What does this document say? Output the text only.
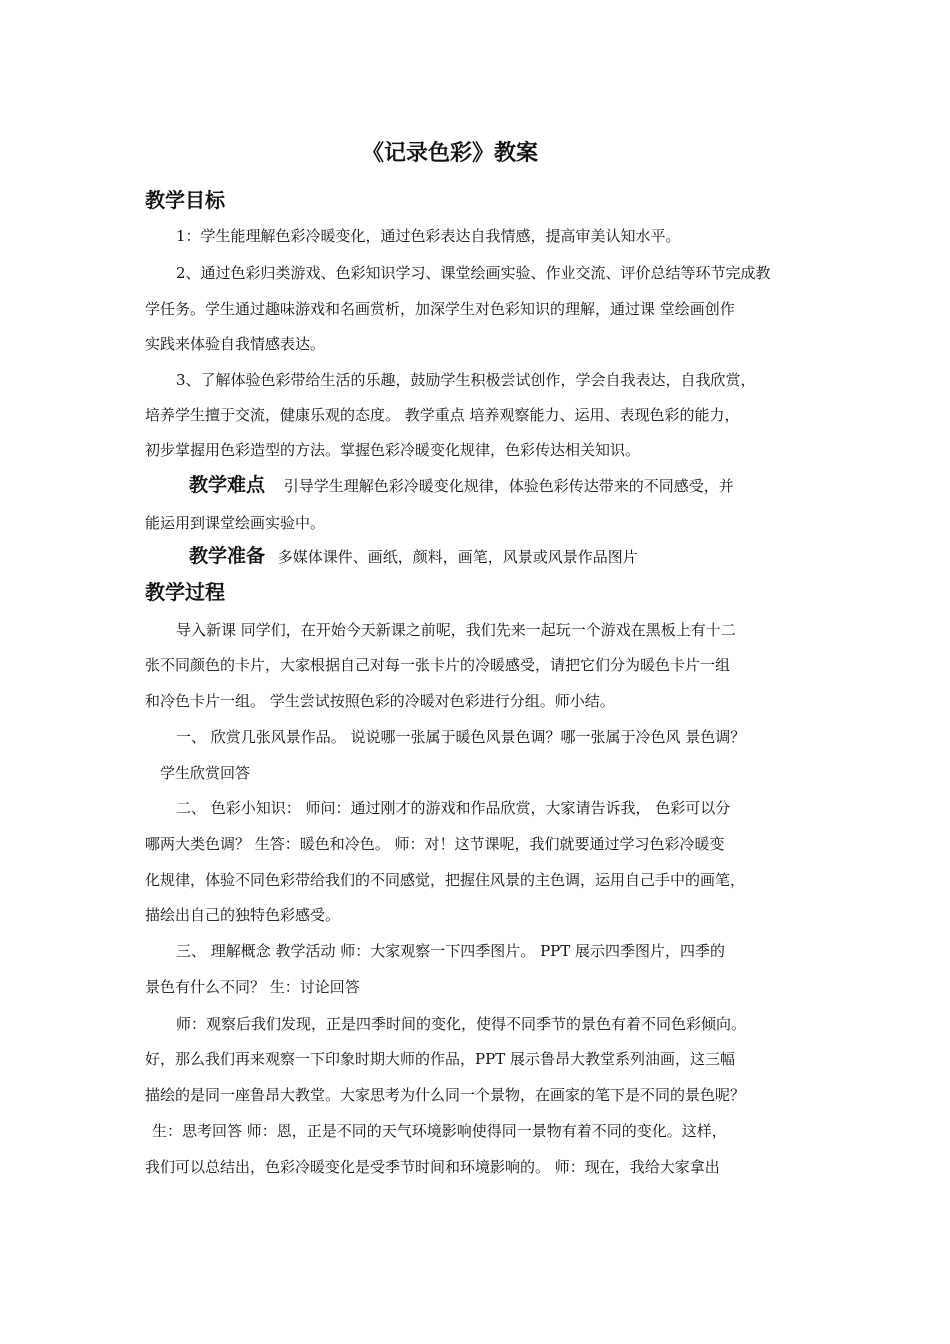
《记录色彩》教案
教学目标
1：学生能理解色彩冷暖变化，通过色彩表达自我情感，提高审美认知水平。
2、通过色彩归类游戏、色彩知识学习、课堂绘画实验、作业交流、评价总结等环节完成教
学任务。学生通过趣味游戏和名画赏析，加深学生对色彩知识的理解，通过课 堂绘画创作
实践来体验自我情感表达。
3、了解体验色彩带给生活的乐趣，鼓励学生积极尝试创作，学会自我表达，自我欣赏，
培养学生擅于交流，健康乐观的态度。 教学重点 培养观察能力、运用、表现色彩的能力，
初步掌握用色彩造型的方法。掌握色彩冷暖变化规律，色彩传达相关知识。
教学难点 引导学生理解色彩冷暖变化规律，体验色彩传达带来的不同感受，并
能运用到课堂绘画实验中。
教学准备 多媒体课件、画纸，颜料，画笔，风景或风景作品图片
教学过程
导入新课 同学们，在开始今天新课之前呢，我们先来一起玩一个游戏在黑板上有十二
张不同颜色的卡片，大家根据自己对每一张卡片的冷暖感受，请把它们分为暖色卡片一组
和冷色卡片一组。 学生尝试按照色彩的冷暖对色彩进行分组。师小结。
一、 欣赏几张风景作品。 说说哪一张属于暖色风景色调？哪一张属于冷色风 景色调？
学生欣赏回答
二、 色彩小知识： 师问：通过刚才的游戏和作品欣赏，大家请告诉我， 色彩可以分
哪两大类色调？ 生答：暖色和冷色。 师：对！这节课呢，我们就要通过学习色彩冷暖变
化规律，体验不同色彩带给我们的不同感觉，把握住风景的主色调，运用自己手中的画笔，
描绘出自己的独特色彩感受。
三、 理解概念 教学活动 师：大家观察一下四季图片。 PPT 展示四季图片，四季的
景色有什么不同？ 生：讨论回答
师：观察后我们发现，正是四季时间的变化，使得不同季节的景色有着不同色彩倾向。
好，那么我们再来观察一下印象时期大师的作品，PPT 展示鲁昂大教堂系列油画，这三幅
描绘的是同一座鲁昂大教堂。大家思考为什么同一个景物，在画家的笔下是不同的景色呢？
生：思考回答 师：恩，正是不同的天气环境影响使得同一景物有着不同的变化。这样，
我们可以总结出，色彩冷暖变化是受季节时间和环境影响的。 师：现在，我给大家拿出
